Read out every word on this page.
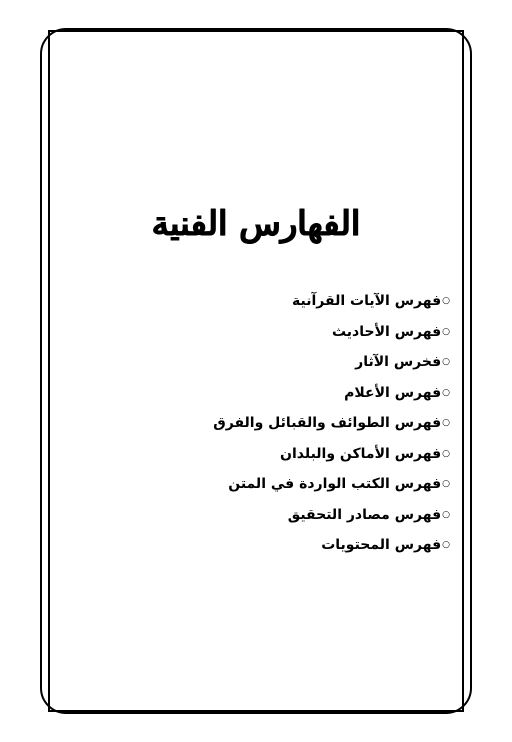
الفهارس الفنية
○فهرس الآيات القرآنية
○فهرس الأحاديث
○فخرس الآثار
○فهرس الأعلام
○فهرس الطوائف والقبائل والفرق
○فهرس الأماكن والبلدان
○فهرس الكتب الواردة في المتن
○فهرس مصادر التحقيق
○فهرس المحتويات
